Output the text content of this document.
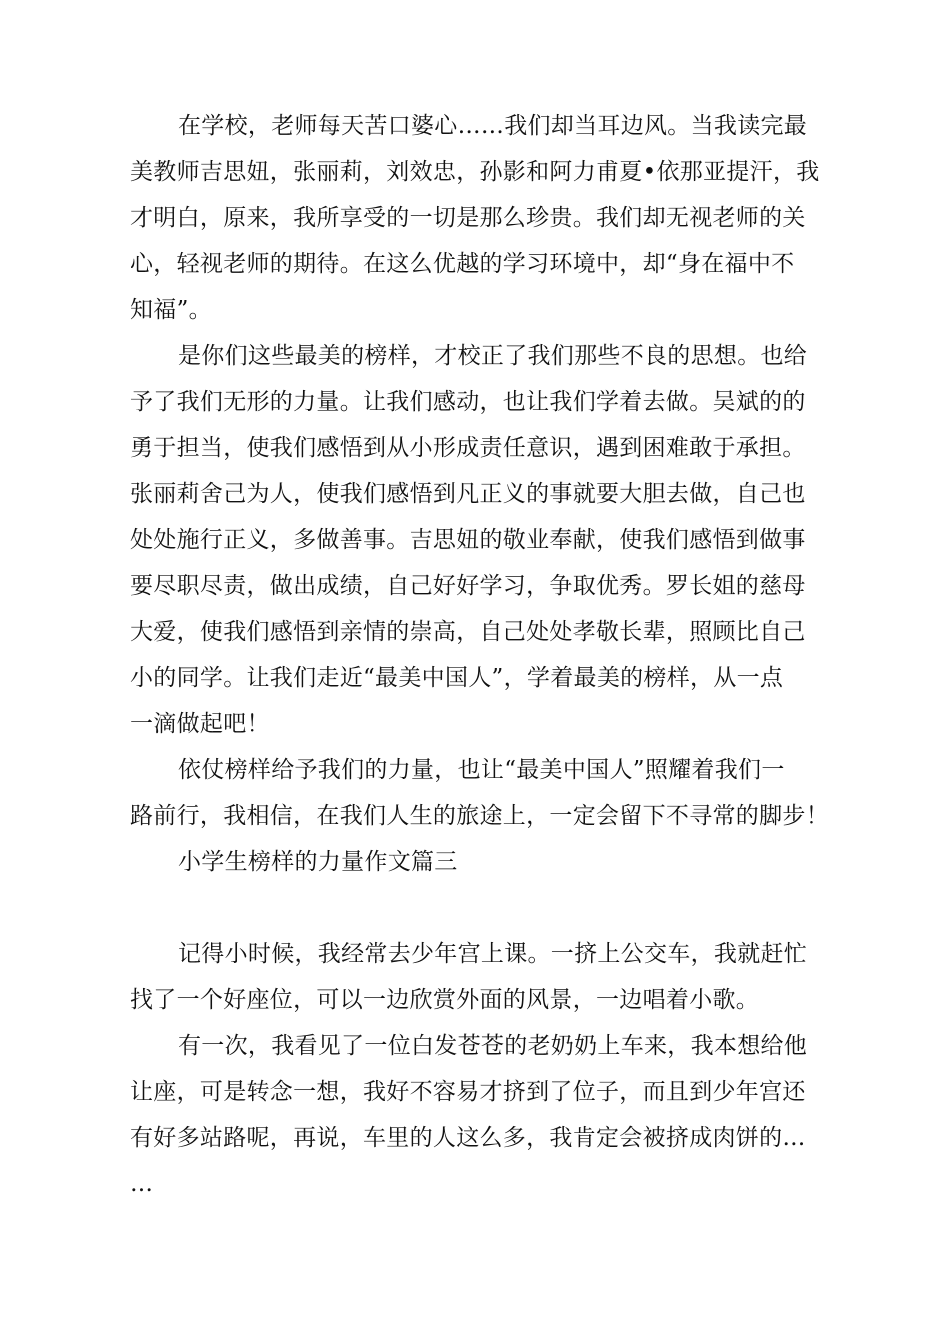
在学校，老师每天苦口婆心……我们却当耳边风。当我读完最
美教师吉思妞，张丽莉，刘效忠，孙影和阿力甫夏•依那亚提汗，我
才明白，原来，我所享受的一切是那么珍贵。我们却无视老师的关
心，轻视老师的期待。在这么优越的学习环境中，却“身在福中不
知福”。
是你们这些最美的榜样，才校正了我们那些不良的思想。也给
予了我们无形的力量。让我们感动，也让我们学着去做。吴斌的的
勇于担当，使我们感悟到从小形成责任意识，遇到困难敢于承担。
张丽莉舍己为人，使我们感悟到凡正义的事就要大胆去做，自己也
处处施行正义，多做善事。吉思妞的敬业奉献，使我们感悟到做事
要尽职尽责，做出成绩，自己好好学习，争取优秀。罗长姐的慈母
大爱，使我们感悟到亲情的崇高，自己处处孝敬长辈，照顾比自己
小的同学。让我们走近“最美中国人”，学着最美的榜样，从一点
一滴做起吧！
依仗榜样给予我们的力量，也让“最美中国人”照耀着我们一
路前行，我相信，在我们人生的旅途上，一定会留下不寻常的脚步！
小学生榜样的力量作文篇三
记得小时候，我经常去少年宫上课。一挤上公交车，我就赶忙
找了一个好座位，可以一边欣赏外面的风景，一边唱着小歌。
有一次，我看见了一位白发苍苍的老奶奶上车来，我本想给他
让座，可是转念一想，我好不容易才挤到了位子，而且到少年宫还
有好多站路呢，再说，车里的人这么多，我肯定会被挤成肉饼的…
…
